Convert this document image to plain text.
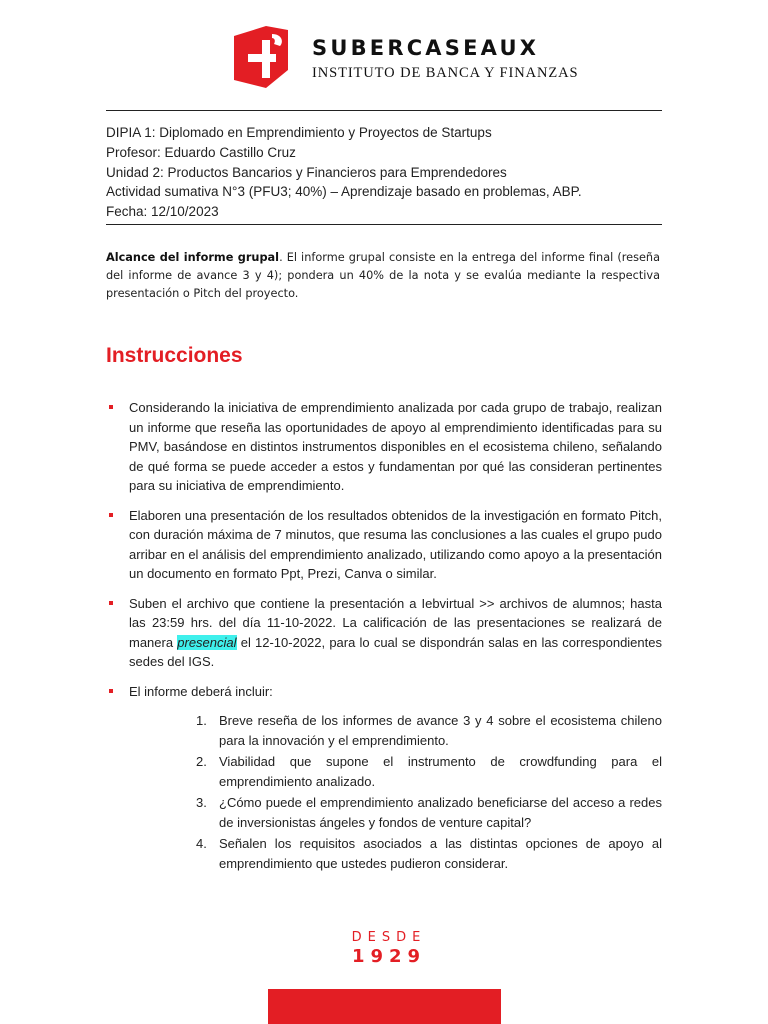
SUBERCASEAUX
INSTITUTO DE BANCA Y FINANZAS
DIPIA 1: Diplomado en Emprendimiento y Proyectos de Startups
Profesor: Eduardo Castillo Cruz
Unidad 2: Productos Bancarios y Financieros para Emprendedores
Actividad sumativa N°3 (PFU3; 40%) – Aprendizaje basado en problemas, ABP.
Fecha: 12/10/2023
Alcance del informe grupal. El informe grupal consiste en la entrega del informe final (reseña del informe de avance 3 y 4); pondera un 40% de la nota y se evalúa mediante la respectiva presentación o Pitch del proyecto.
Instrucciones
Considerando la iniciativa de emprendimiento analizada por cada grupo de trabajo, realizan un informe que reseña las oportunidades de apoyo al emprendimiento identificadas para su PMV, basándose en distintos instrumentos disponibles en el ecosistema chileno, señalando de qué forma se puede acceder a estos y fundamentan por qué las consideran pertinentes para su iniciativa de emprendimiento.
Elaboren una presentación de los resultados obtenidos de la investigación en formato Pitch, con duración máxima de 7 minutos, que resuma las conclusiones a las cuales el grupo pudo arribar en el análisis del emprendimiento analizado, utilizando como apoyo a la presentación un documento en formato Ppt, Prezi, Canva o similar.
Suben el archivo que contiene la presentación a Iebvirtual >> archivos de alumnos; hasta las 23:59 hrs. del día 11-10-2022. La calificación de las presentaciones se realizará de manera presencial el 12-10-2022, para lo cual se dispondrán salas en las correspondientes sedes del IGS.
El informe deberá incluir:
1. Breve reseña de los informes de avance 3 y 4 sobre el ecosistema chileno para la innovación y el emprendimiento.
2. Viabilidad que supone el instrumento de crowdfunding para el emprendimiento analizado.
3. ¿Cómo puede el emprendimiento analizado beneficiarse del acceso a redes de inversionistas ángeles y fondos de venture capital?
4. Señalen los requisitos asociados a las distintas opciones de apoyo al emprendimiento que ustedes pudieron considerar.
DESDE
1929
